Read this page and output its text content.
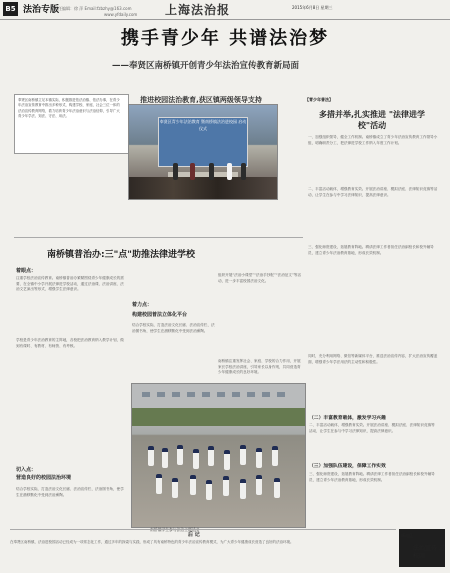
B5 法治专版
责任编辑：徐 萍 Email:fzbzhy@163.com
www.yfdaily.com 上海法治报	2015年6月8日 星期三
携手青少年 共谱法治梦
——奉贤区南桥镇开创青少年法治宣传教育新局面
奉贤区南桥镇立足本镇实际，积极推进依法治镇、依法办事，在青少年法治宣传教育中推出多种形式，构建学校、家庭、社会三位一体的法治宣传教育网络，着力培育青少年法治意识与法治信仰，引导广大青少年学法、知法、守法、用法。
推进校园法治教育,获区镇两级领导支持
奉贤区青少年法治教育 暨南桥镇法治进校园 启动仪式
【青少年普法】
多措并举,扎实推进 "法律进学校"活动
一、加强组织领导，健全工作机制。南桥镇成立了青少年法治宣传教育工作领导小组，明确职责分工，把法律进学校工作纳入年度工作计划。
二、丰富活动载体，增强教育实效。开展法治讲座、模拟法庭、法律知识竞赛等活动，让学生在参与中学习法律知识，提高法律意识。
三、强化师资建设，拓展教育阵地。聘请法律工作者担任法治副校长和校外辅导员，建立青少年法治教育基地，形成长效机制。
南桥镇普治办:三"点"助推法律进学校
着眼点：
注重学校法治宣传教育。南桥镇普治办紧紧围绕青少年健康成长的需要，在全镇中小学开展法律进学校活动，通过法治课、法治讲座、法治文艺演出等形式，增强学生法律意识。
学校是青少年法治教育的主阵地，各校把法治教育纳入教学计划，做到有课时、有教材、有师资、有考核。
切入点：
营造良好的校园法治环境
结合学校实际，打造法治文化长廊、法治宣传栏、法治图书角，使学生在潜移默化中受到法治熏陶。
着力点：
构建校园普法立体化平台
结合学校实际，打造法治文化长廊、法治宣传栏、法治图书角，使学生在潜移默化中受到法治熏陶。
组织开展“法治小课堂”“法治手抄报”“法治征文”等活动，进一步丰富校园法治文化。
南桥镇注重发挥社会、家庭、学校的合力作用，开展家长学校法治讲座，引导家长以身作则，共同营造青少年健康成长的良好环境。
同时，充分利用网络、微信等新媒体平台，推送法治宣传内容，扩大法治宣传覆盖面，增强青少年学法用法的主动性和积极性。
（二）丰富教育载体，激发学习兴趣
二、丰富活动载体，增强教育实效。开展法治讲座、模拟法庭、法律知识竞赛等活动，让学生在参与中学习法律知识，提高法律意识。
（三）加强队伍建设，保障工作实效
三、强化师资建设，拓展教育阵地。聘请法律工作者担任法治副校长和校外辅导员，建立青少年法治教育基地，形成长效机制。
后 记
在奉贤区南桥镇，法治进校园活动已经成为一项常态化工作，通过多年的探索与实践，形成了具有南桥特色的青少年法治宣传教育模式，为广大青少年健康成长营造了良好的法治环境。
杨浦区
法治宣传 进校园
